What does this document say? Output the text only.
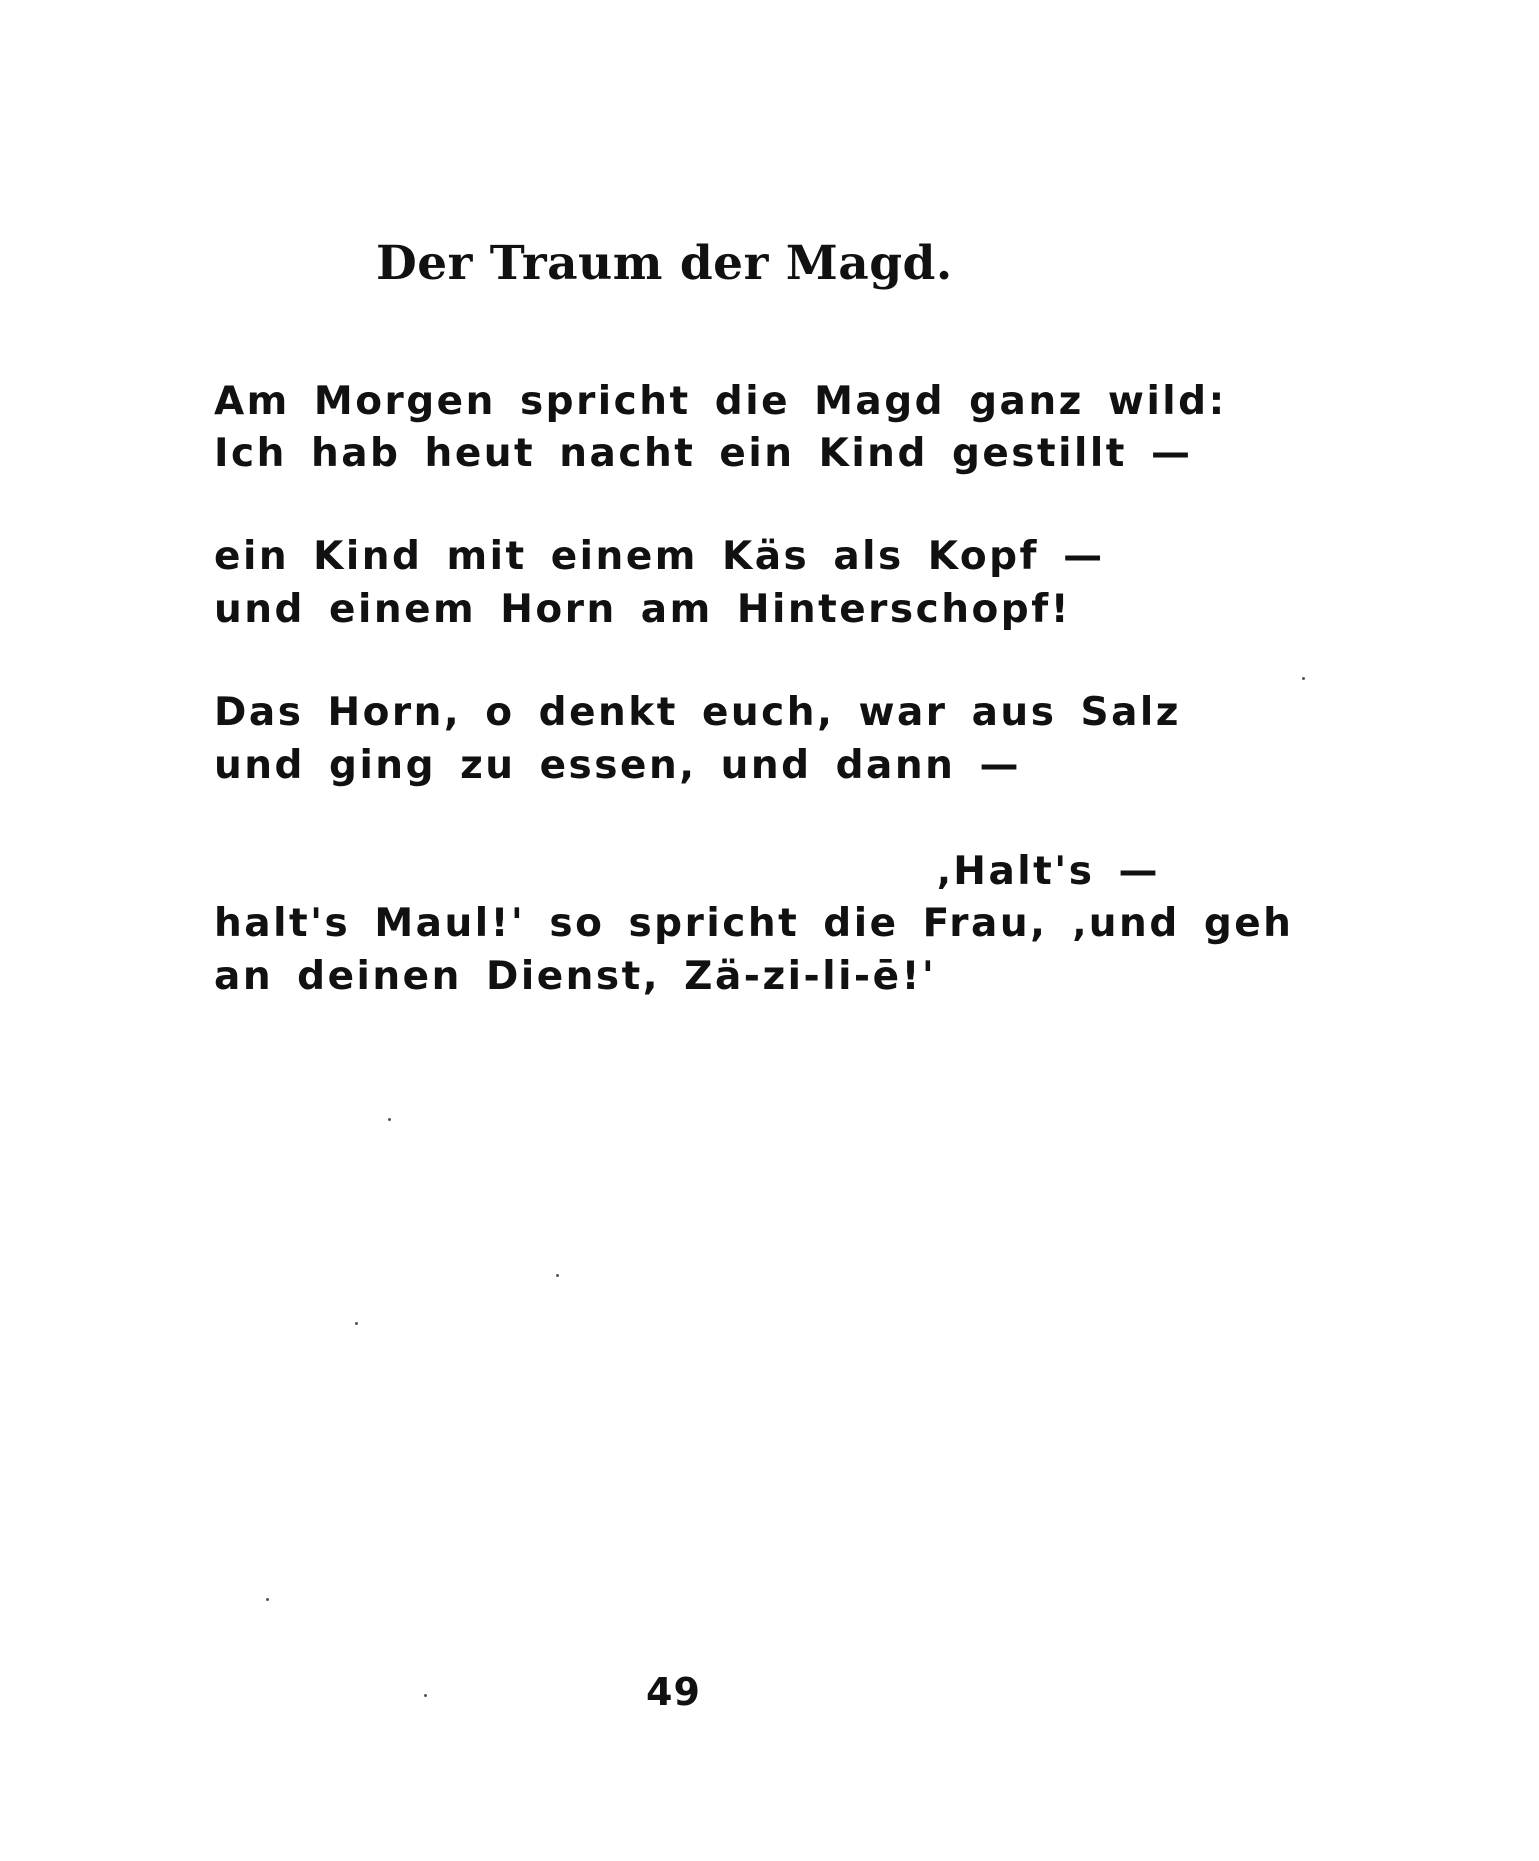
Der Traum der Magd.
Am Morgen spricht die Magd ganz wild:
Ich hab heut nacht ein Kind gestillt —
ein Kind mit einem Käs als Kopf —
und einem Horn am Hinterschopf!
Das Horn, o denkt euch, war aus Salz
und ging zu essen, und dann —
‚Halt's —
halt's Maul!' so spricht die Frau, ‚und geh
an deinen Dienst, Zä-zi-li-ē!'
49
